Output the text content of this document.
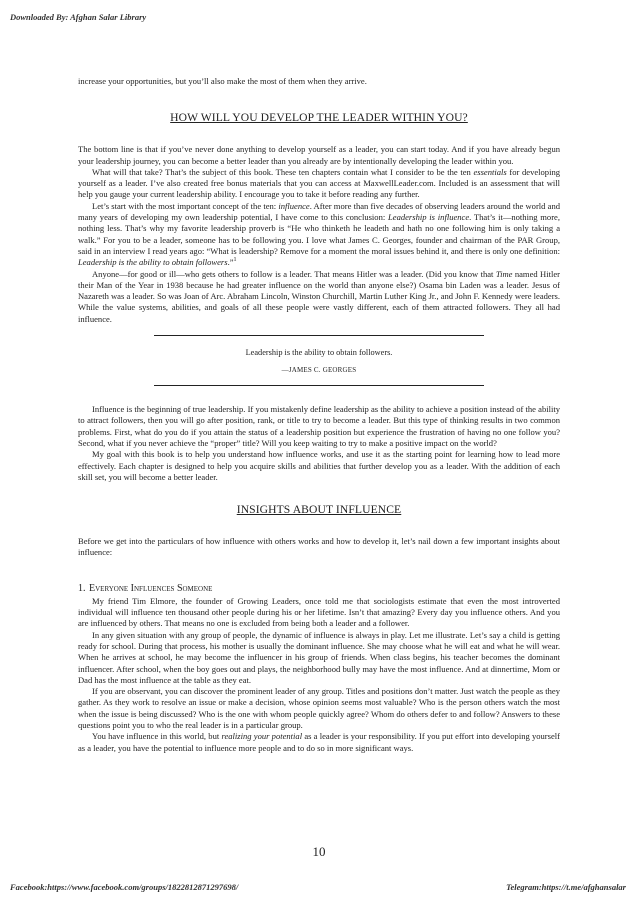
Downloaded By: Afghan Salar Library

increase your opportunities, but you’ll also make the most of them when they arrive.

HOW WILL YOU DEVELOP THE LEADER WITHIN YOU?

The bottom line is that if you’ve never done anything to develop yourself as a leader, you can start today. And if you have already begun your leadership journey, you can become a better leader than you already are by intentionally developing the leader within you.

What will that take? That’s the subject of this book. These ten chapters contain what I consider to be the ten essentials for developing yourself as a leader. I’ve also created free bonus materials that you can access at MaxwellLeader.com. Included is an assessment that will help you gauge your current leadership ability. I encourage you to take it before reading any further.

Let’s start with the most important concept of the ten: influence. After more than five decades of observing leaders around the world and many years of developing my own leadership potential, I have come to this conclusion: Leadership is influence. That’s it—nothing more, nothing less. That’s why my favorite leadership proverb is “He who thinketh he leadeth and hath no one following him is only taking a walk.” For you to be a leader, someone has to be following you. I love what James C. Georges, founder and chairman of the PAR Group, said in an interview I read years ago: “What is leadership? Remove for a moment the moral issues behind it, and there is only one definition: Leadership is the ability to obtain followers.”$^1$

Anyone—for good or ill—who gets others to follow is a leader. That means Hitler was a leader. (Did you know that Time named Hitler their Man of the Year in 1938 because he had greater influence on the world than anyone else?) Osama bin Laden was a leader. Jesus of Nazareth was a leader. So was Joan of Arc. Abraham Lincoln, Winston Churchill, Martin Luther King Jr., and John F. Kennedy were leaders. While the value systems, abilities, and goals of all these people were vastly different, each of them attracted followers. They all had influence.

Leadership is the ability to obtain followers.
—JAMES C. GEORGES

Influence is the beginning of true leadership. If you mistakenly define leadership as the ability to achieve a position instead of the ability to attract followers, then you will go after position, rank, or title to try to become a leader. But this type of thinking results in two common problems. First, what do you do if you attain the status of a leadership position but experience the frustration of having no one follow you? Second, what if you never achieve the “proper” title? Will you keep waiting to try to make a positive impact on the world?

My goal with this book is to help you understand how influence works, and use it as the starting point for learning how to lead more effectively. Each chapter is designed to help you acquire skills and abilities that further develop you as a leader. With the addition of each skill set, you will become a better leader.

INSIGHTS ABOUT INFLUENCE

Before we get into the particulars of how influence with others works and how to develop it, let’s nail down a few important insights about influence:

1. Everyone Influences Someone

My friend Tim Elmore, the founder of Growing Leaders, once told me that sociologists estimate that even the most introverted individual will influence ten thousand other people during his or her lifetime. Isn’t that amazing? Every day you influence others. And you are influenced by others. That means no one is excluded from being both a leader and a follower.

In any given situation with any group of people, the dynamic of influence is always in play. Let me illustrate. Let’s say a child is getting ready for school. During that process, his mother is usually the dominant influence. She may choose what he will eat and what he will wear. When he arrives at school, he may become the influencer in his group of friends. When class begins, his teacher becomes the dominant influencer. After school, when the boy goes out and plays, the neighborhood bully may have the most influence. And at dinnertime, Mom or Dad has the most influence at the table as they eat.

If you are observant, you can discover the prominent leader of any group. Titles and positions don’t matter. Just watch the people as they gather. As they work to resolve an issue or make a decision, whose opinion seems most valuable? Who is the person others watch the most when the issue is being discussed? Who is the one with whom people quickly agree? Whom do others defer to and follow? Answers to these questions point you to who the real leader is in a particular group.

You have influence in this world, but realizing your potential as a leader is your responsibility. If you put effort into developing yourself as a leader, you have the potential to influence more people and to do so in more significant ways.

10
Facebook:https://www.facebook.com/groups/1822812871297698/	Telegram:https://t.me/afghansalar
